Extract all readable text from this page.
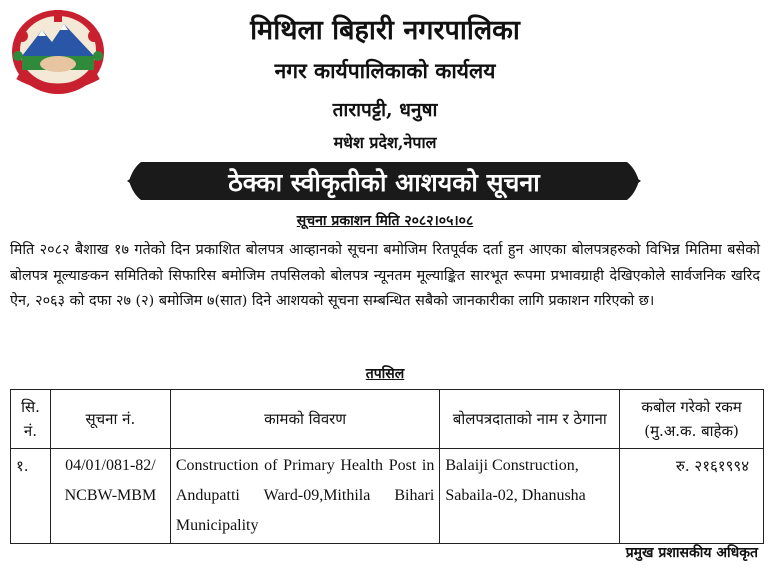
मिथिला बिहारी नगरपालिका
नगर कार्यपालिकाको कार्यलय
तारापट्टी, धनुषा
मधेश प्रदेश,नेपाल
ठेक्का स्वीकृतीको आशयको सूचना
सूचना प्रकाशन मिति २०८२।०५।०८
मिति २०८२ बैशाख १७ गतेको दिन प्रकाशित बोलपत्र आव्हानको सूचना बमोजिम रितपूर्वक दर्ता हुन आएका बोलपत्रहरुको विभिन्न मितिमा बसेको बोलपत्र मूल्याङकन समितिको सिफारिस बमोजिम तपसिलको बोलपत्र न्यूनतम मूल्याङ्कित सारभूत रूपमा प्रभावग्राही देखिएकोले सार्वजनिक खरिद ऐन, २०६३ को दफा २७ (२) बमोजिम ७(सात) दिने आशयको सूचना सम्बन्धित सबैको जानकारीका लागि प्रकाशन गरिएको छ।
तपसिल
सि. नं.	सूचना नं.	कामको विवरण	बोलपत्रदाताको नाम र ठेगाना	कबोल गरेको रकम (मु.अ.क. बाहेक)
१.	04/01/081-82/ NCBW-MBM	Construction of Primary Health Post in Andupatti Ward-09,Mithila Bihari Municipality	Balaiji Construction, Sabaila-02, Dhanusha	रु. २१६१९९४
प्रमुख प्रशासकीय अधिकृत
